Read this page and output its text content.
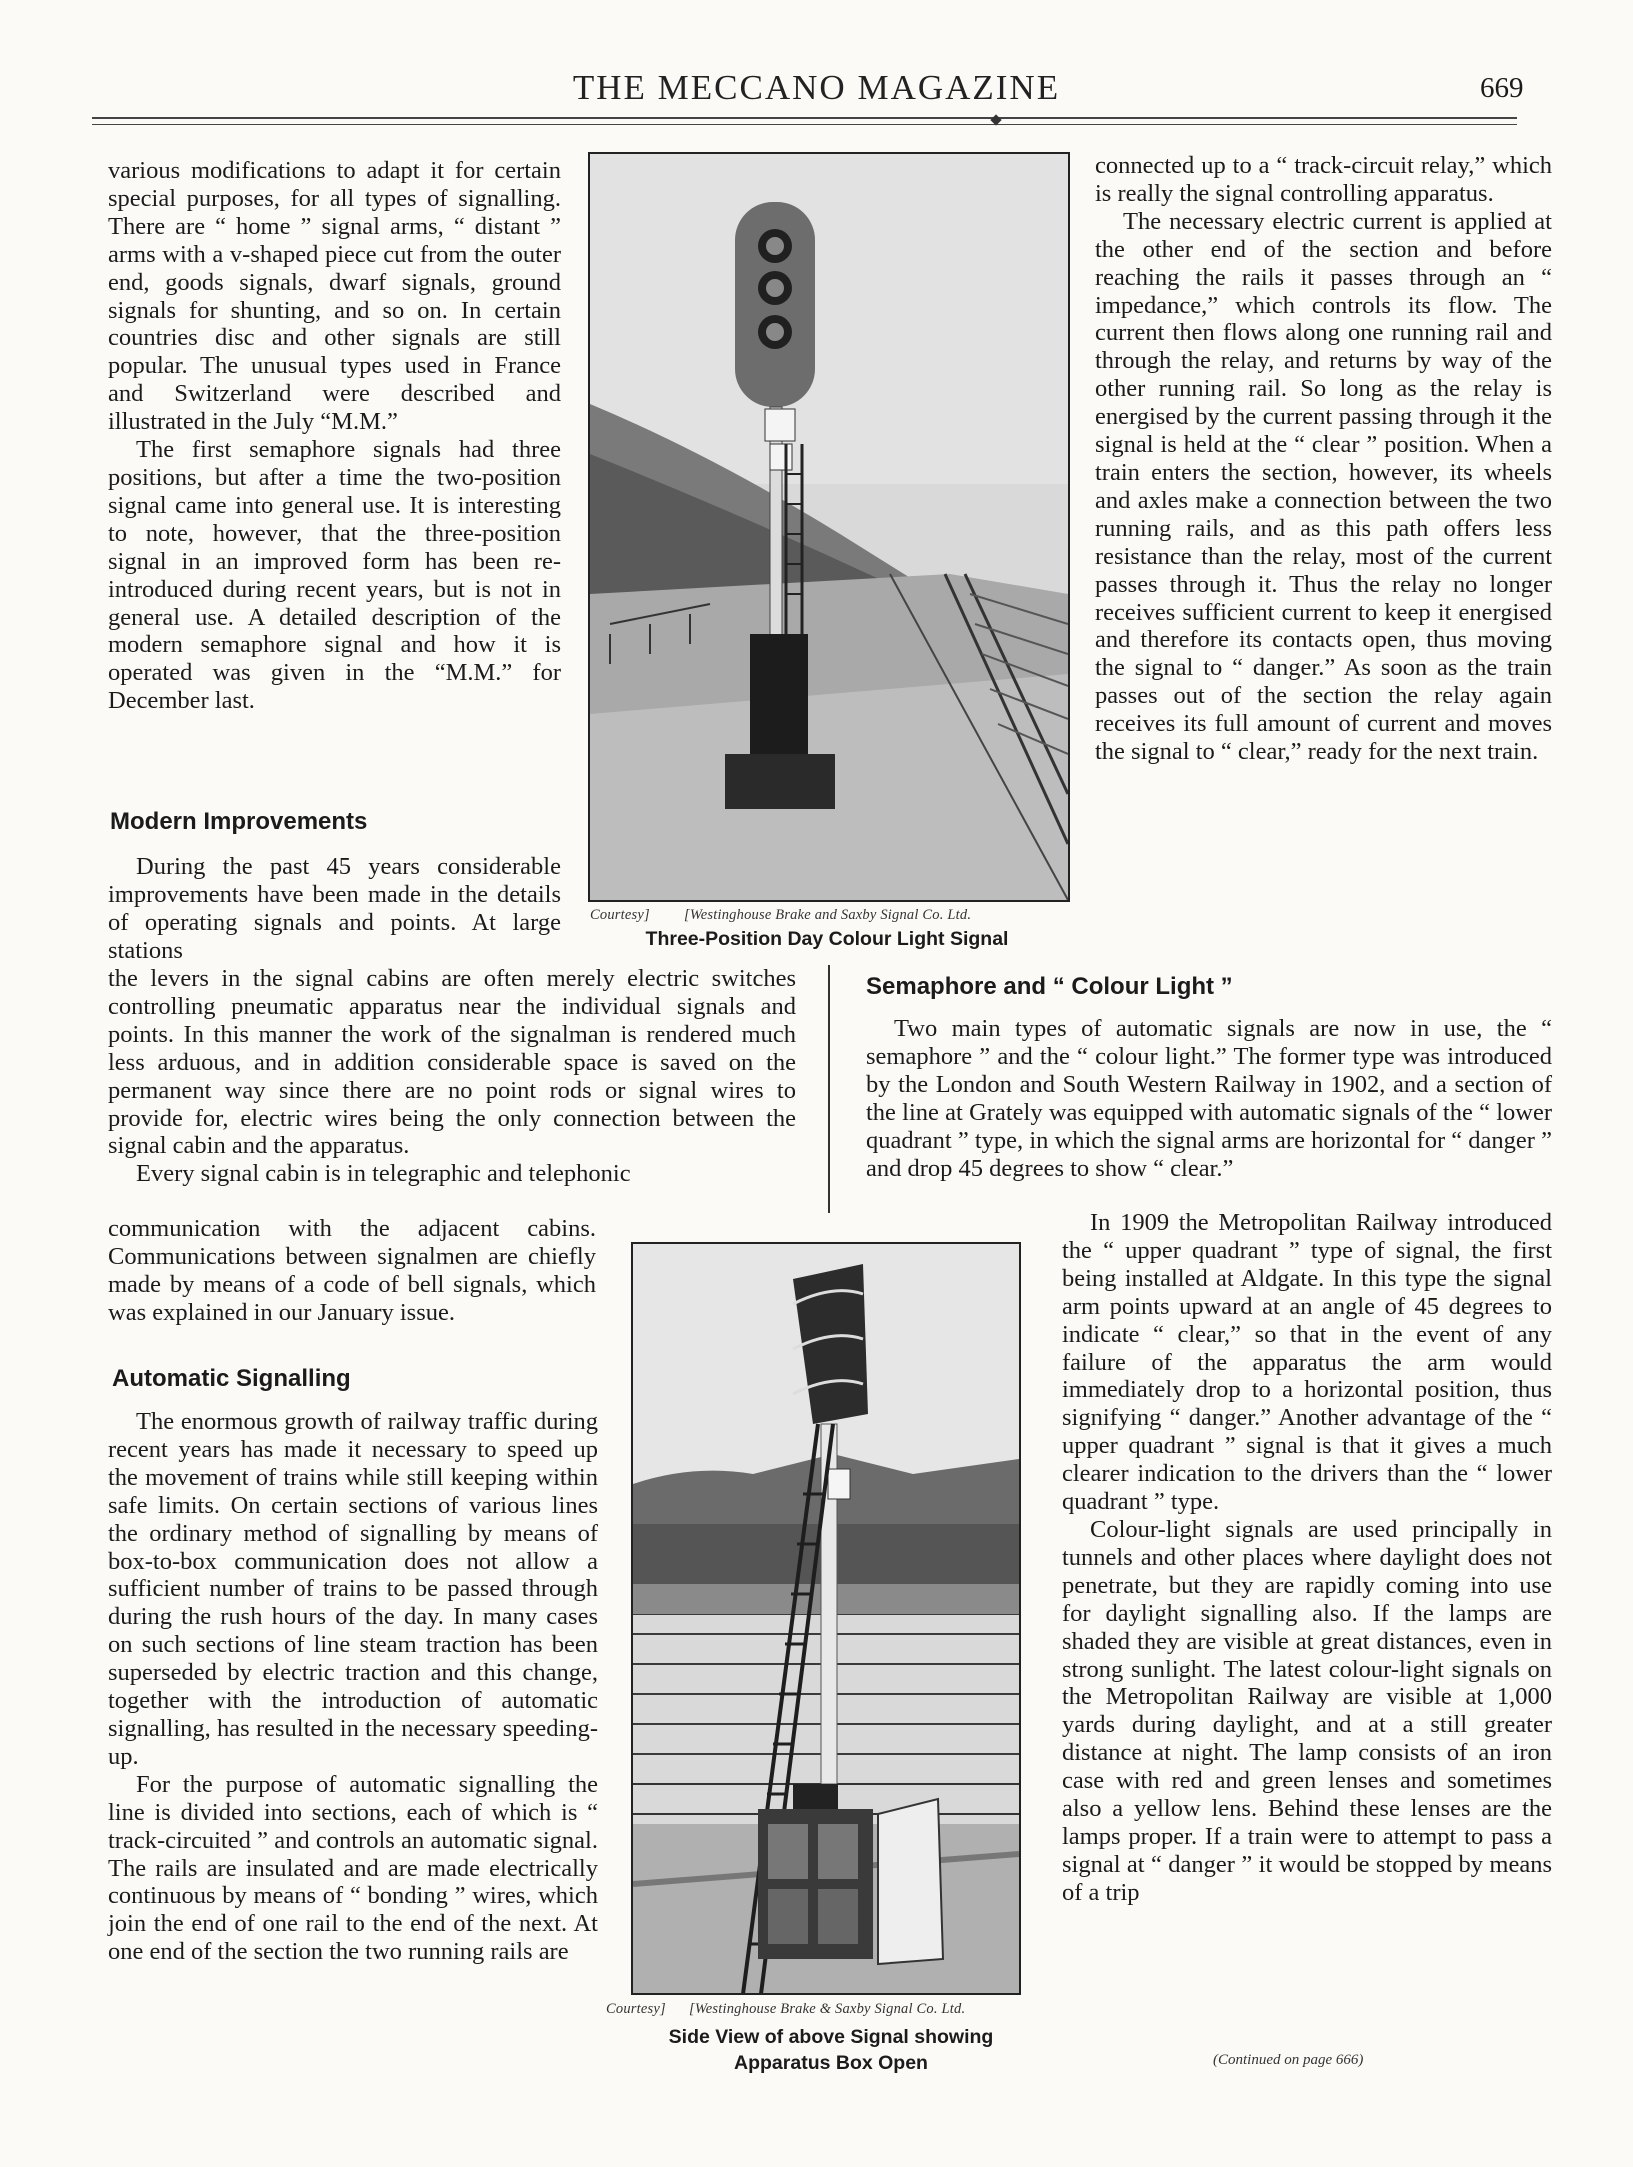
THE MECCANO MAGAZINE	669

various modifications to adapt it for certain special purposes, for all types of signalling. There are “ home ” signal arms, “ distant ” arms with a v-shaped piece cut from the outer end, goods signals, dwarf signals, ground signals for shunting, and so on. In certain countries disc and other signals are still popular. The unusual types used in France and Switzerland were described and illustrated in the July “M.M.”

The first semaphore signals had three positions, but after a time the two-position signal came into general use. It is interesting to note, however, that the three-position signal in an improved form has been re-introduced during recent years, but is not in general use. A detailed description of the modern semaphore signal and how it is operated was given in the “M.M.” for December last.

Modern Improvements

During the past 45 years considerable improvements have been made in the details of operating signals and points. At large stations

the levers in the signal cabins are often merely electric switches controlling pneumatic apparatus near the individual signals and points. In this manner the work of the signalman is rendered much less arduous, and in addition considerable space is saved on the permanent way since there are no point rods or signal wires to provide for, electric wires being the only connection between the signal cabin and the apparatus.

Every signal cabin is in telegraphic and telephonic

communication with the adjacent cabins. Communications between signalmen are chiefly made by means of a code of bell signals, which was explained in our January issue.

Automatic Signalling

The enormous growth of railway traffic during recent years has made it necessary to speed up the movement of trains while still keeping within safe limits. On certain sections of various lines the ordinary method of signalling by means of box-to-box communication does not allow a sufficient number of trains to be passed through during the rush hours of the day. In many cases on such sections of line steam traction has been superseded by electric traction and this change, together with the introduction of automatic signalling, has resulted in the necessary speeding-up.

For the purpose of automatic signalling the line is divided into sections, each of which is “ track-circuited ” and controls an automatic signal. The rails are insulated and are made electrically continuous by means of “ bonding ” wires, which join the end of one rail to the end of the next. At one end of the section the two running rails are

connected up to a “ track-circuit relay,” which is really the signal controlling apparatus.

The necessary electric current is applied at the other end of the section and before reaching the rails it passes through an “ impedance,” which controls its flow. The current then flows along one running rail and through the relay, and returns by way of the other running rail. So long as the relay is energised by the current passing through it the signal is held at the “ clear ” position. When a train enters the section, however, its wheels and axles make a connection between the two running rails, and as this path offers less resistance than the relay, most of the current passes through it. Thus the relay no longer receives sufficient current to keep it energised and therefore its contacts open, thus moving the signal to “ danger.” As soon as the train passes out of the section the relay again receives its full amount of current and moves the signal to “ clear,” ready for the next train.

Semaphore and “ Colour Light ”

Two main types of automatic signals are now in use, the “ semaphore ” and the “ colour light.” The former type was introduced by the London and South Western Railway in 1902, and a section of the line at Grately was equipped with automatic signals of the “ lower quadrant ” type, in which the signal arms are horizontal for “ danger ” and drop 45 degrees to show “ clear.”

In 1909 the Metropolitan Railway introduced the “ upper quadrant ” type of signal, the first being installed at Aldgate. In this type the signal arm points upward at an angle of 45 degrees to indicate “ clear,” so that in the event of any failure of the apparatus the arm would immediately drop to a horizontal position, thus signifying “ danger.” Another advantage of the “ upper quadrant ” signal is that it gives a much clearer indication to the drivers than the “ lower quadrant ” type.

Colour-light signals are used principally in tunnels and other places where daylight does not penetrate, but they are rapidly coming into use for daylight signalling also. If the lamps are shaded they are visible at great distances, even in strong sunlight. The latest colour-light signals on the Metropolitan Railway are visible at 1,000 yards during daylight, and at a still greater distance at night. The lamp consists of an iron case with red and green lenses and sometimes also a yellow lens. Behind these lenses are the lamps proper. If a train were to attempt to pass a signal at “ danger ” it would be stopped by means of a trip

(Continued on page 666)
Courtesy] [Westinghouse Brake and Saxby Signal Co. Ltd.
Three-Position Day Colour Light Signal
Courtesy] [Westinghouse Brake & Saxby Signal Co. Ltd.
Side View of above Signal showing
Apparatus Box Open
